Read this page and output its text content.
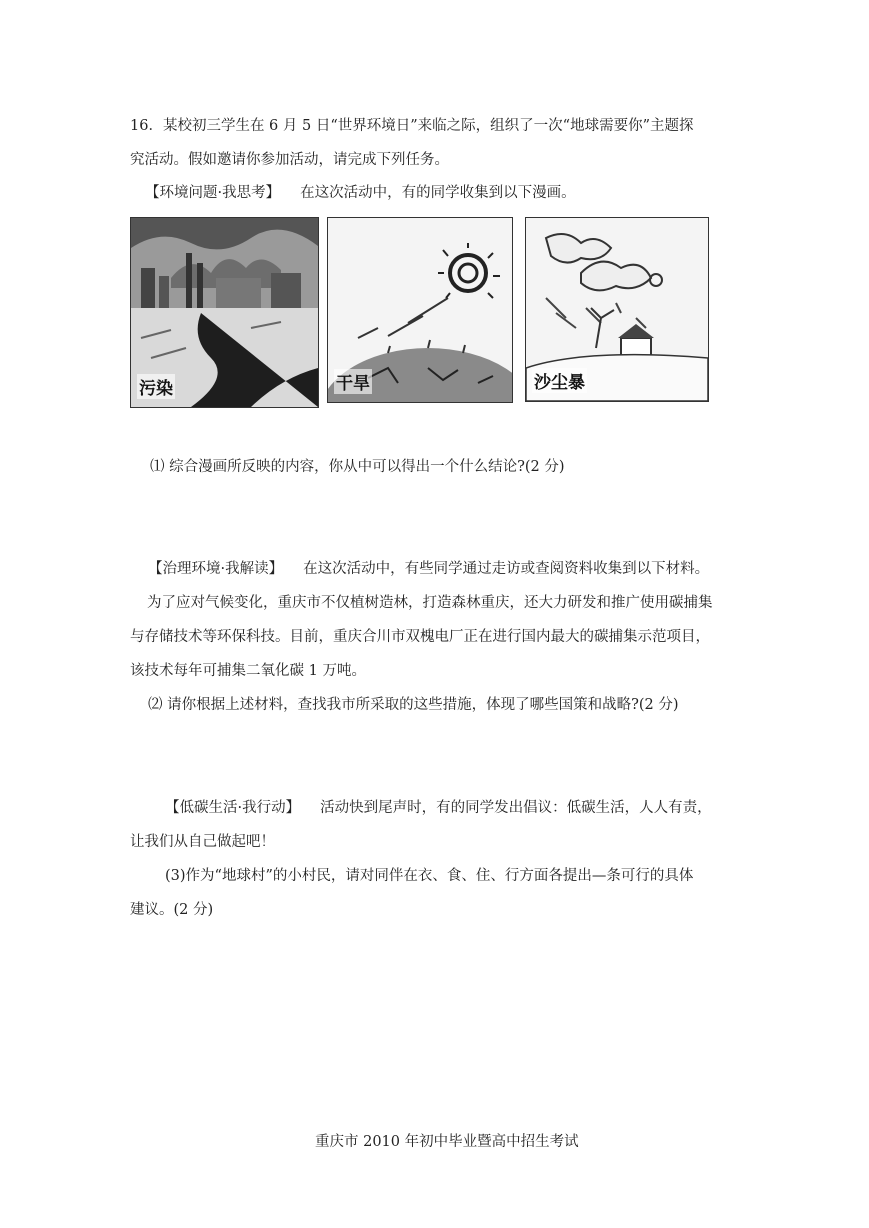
16．某校初三学生在 6 月 5 日“世界环境日”来临之际，组织了一次“地球需要你”主题探
究活动。假如邀请你参加活动，请完成下列任务。
【环境问题·我思考】 在这次活动中，有的同学收集到以下漫画。
污染	干旱	沙尘暴
⑴ 综合漫画所反映的内容，你从中可以得出一个什么结论?(2 分)
【治理环境·我解读】 在这次活动中，有些同学通过走访或查阅资料收集到以下材料。
为了应对气候变化，重庆市不仅植树造林，打造森林重庆，还大力研发和推广使用碳捕集
与存储技术等环保科技。目前，重庆合川市双槐电厂正在进行国内最大的碳捕集示范项目，
该技术每年可捕集二氧化碳 1 万吨。
⑵ 请你根据上述材料，查找我市所采取的这些措施，体现了哪些国策和战略?(2 分)
【低碳生活·我行动】 活动快到尾声时，有的同学发出倡议：低碳生活，人人有责，
让我们从自己做起吧！
(3)作为“地球村”的小村民，请对同伴在衣、食、住、行方面各提出—条可行的具体
建议。(2 分)
重庆市 2010 年初中毕业暨高中招生考试
